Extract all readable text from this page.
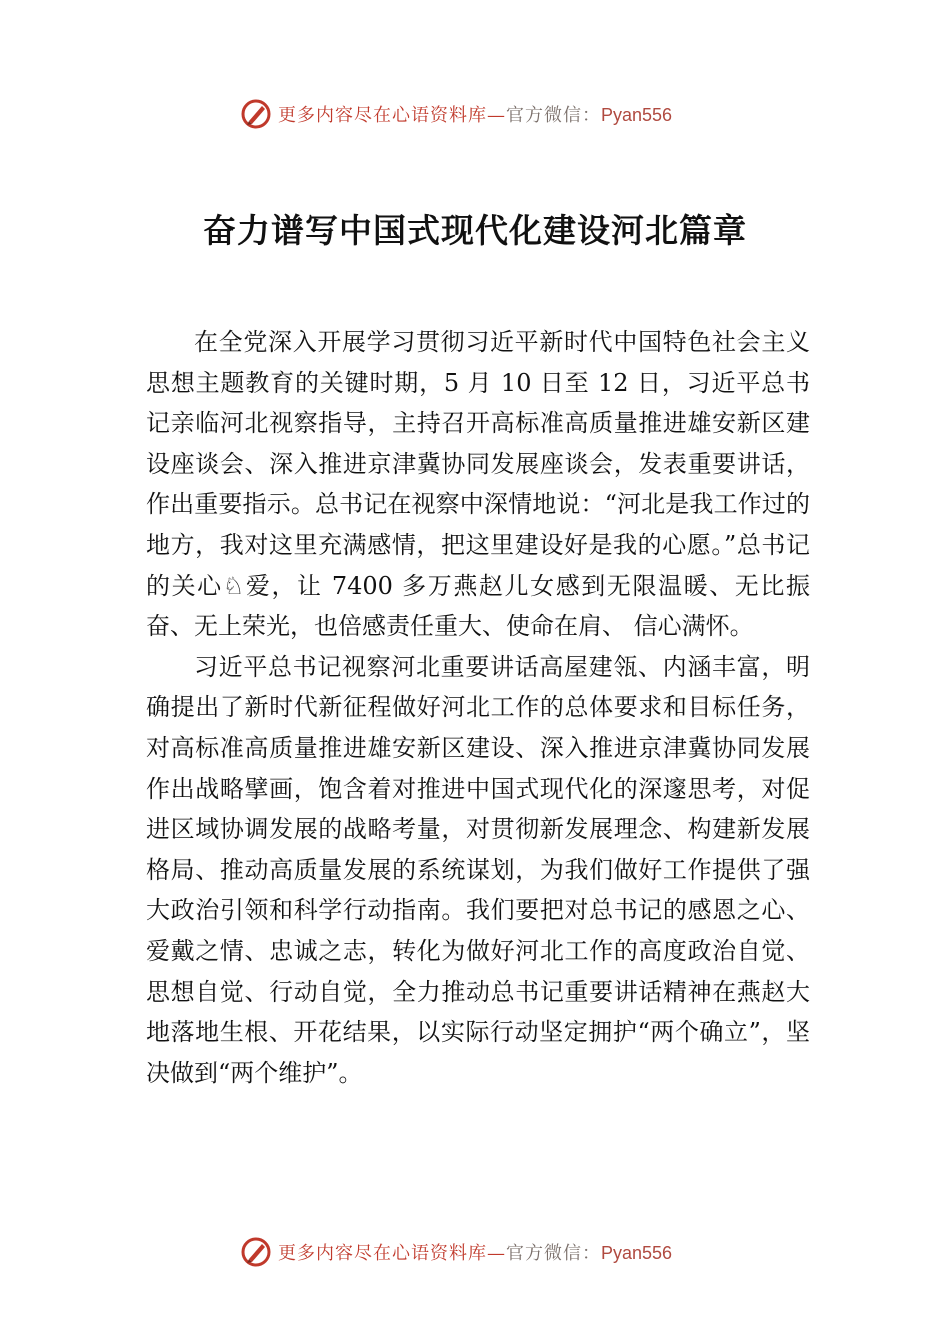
更多内容尽在心语资料库—官方微信：Pyan556
奋力谱写中国式现代化建设河北篇章

在全党深入开展学习贯彻习近平新时代中国特色社会主义思想主题教育的关键时期，5 月 10 日至 12 日，习近平总书记亲临河北视察指导，主持召开高标准高质量推进雄安新区建设座谈会、深入推进京津冀协同发展座谈会，发表重要讲话，作出重要指示。总书记在视察中深情地说：“河北是我工作过的地方，我对这里充满感情，把这里建设好是我的心愿。”总书记的关心♘爱，让 7400 多万燕赵儿女感到无限温暖、无比振奋、无上荣光，也倍感责任重大、使命在肩、 信心满怀。

习近平总书记视察河北重要讲话高屋建瓴、内涵丰富，明确提出了新时代新征程做好河北工作的总体要求和目标任务，对高标准高质量推进雄安新区建设、深入推进京津冀协同发展作出战略擘画，饱含着对推进中国式现代化的深邃思考，对促进区域协调发展的战略考量，对贯彻新发展理念、构建新发展格局、推动高质量发展的系统谋划，为我们做好工作提供了强大政治引领和科学行动指南。我们要把对总书记的感恩之心、爱戴之情、忠诚之志，转化为做好河北工作的高度政治自觉、思想自觉、行动自觉，全力推动总书记重要讲话精神在燕赵大地落地生根、开花结果，以实际行动坚定拥护“两个确立”，坚决做到“两个维护”。

更多内容尽在心语资料库—官方微信：Pyan556
